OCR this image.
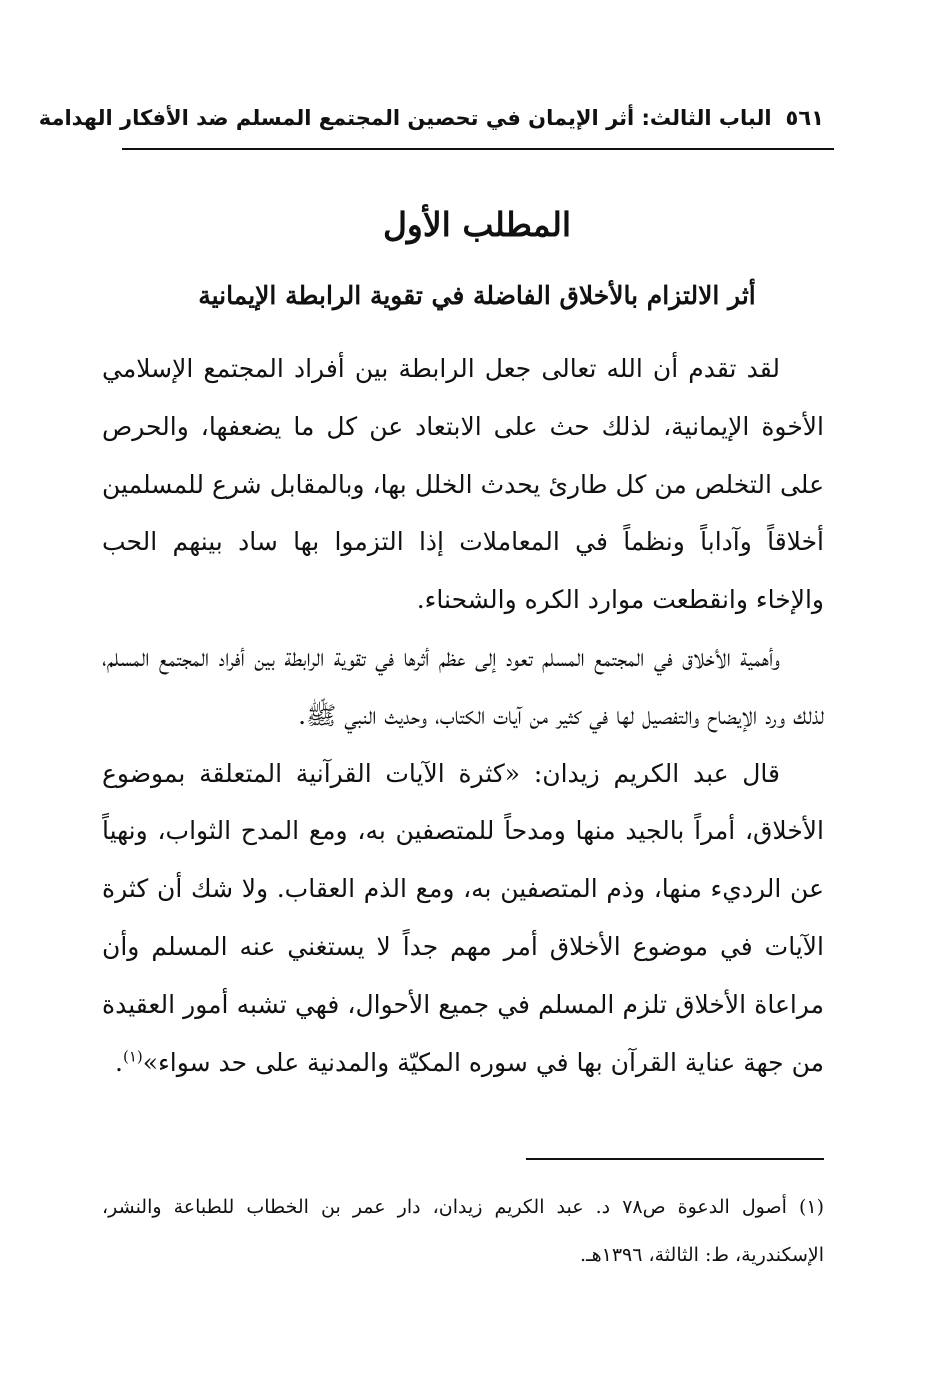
٥٦١
الباب الثالث: أثر الإيمان في تحصين المجتمع المسلم ضد الأفكار الهدامة
المطلب الأول
أثر الالتزام بالأخلاق الفاضلة في تقوية الرابطة الإيمانية

لقد تقدم أن الله تعالى جعل الرابطة بين أفراد المجتمع الإسلامي الأخوة الإيمانية، لذلك حث على الابتعاد عن كل ما يضعفها، والحرص على التخلص من كل طارئ يحدث الخلل بها، وبالمقابل شرع للمسلمين أخلاقاً وآداباً ونظماً في المعاملات إذا التزموا بها ساد بينهم الحب والإخاء وانقطعت موارد الكره والشحناء.

وأهمية الأخلاق في المجتمع المسلم تعود إلى عظم أثرها في تقوية الرابطة بين أفراد المجتمع المسلم، لذلك ورد الإيضاح والتفصيل لها في كثير من آيات الكتاب، وحديث النبي ﷺ.

قال عبد الكريم زيدان: «كثرة الآيات القرآنية المتعلقة بموضوع الأخلاق، أمراً بالجيد منها ومدحاً للمتصفين به، ومع المدح الثواب، ونهياً عن الرديء منها، وذم المتصفين به، ومع الذم العقاب. ولا شك أن كثرة الآيات في موضوع الأخلاق أمر مهم جداً لا يستغني عنه المسلم وأن مراعاة الأخلاق تلزم المسلم في جميع الأحوال، فهي تشبه أمور العقيدة من جهة عناية القرآن بها في سوره المكيّة والمدنية على حد سواء»$^{(١)}$.

(١) أصول الدعوة ص٧٨ د. عبد الكريم زيدان، دار عمر بن الخطاب للطباعة والنشر، الإسكندرية، ط: الثالثة، ١٣٩٦هـ.
